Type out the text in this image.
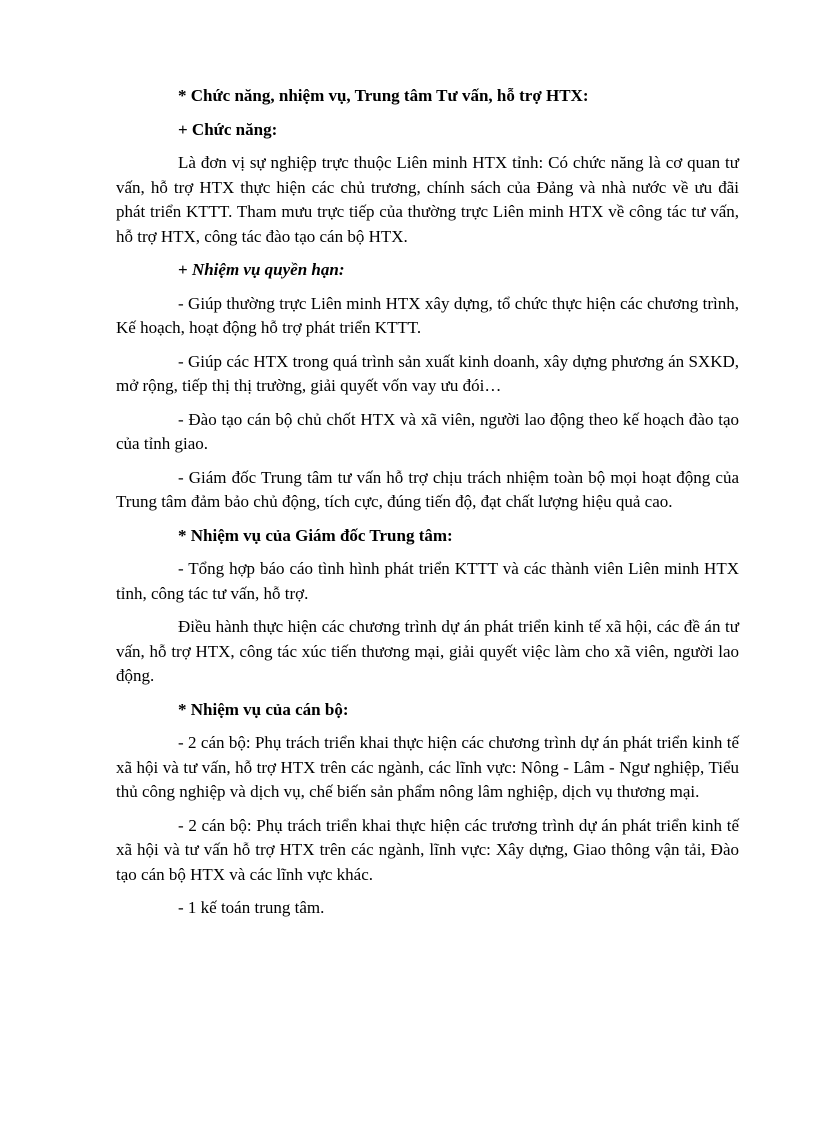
* Chức năng, nhiệm vụ, Trung tâm Tư vấn, hỗ trợ HTX:

+ Chức năng:

Là đơn vị sự nghiệp trực thuộc Liên minh HTX tỉnh: Có chức năng là cơ quan tư vấn, hỗ trợ HTX thực hiện các chủ trương, chính sách của Đảng và nhà nước về ưu đãi phát triển KTTT. Tham mưu trực tiếp của thường trực Liên minh HTX về công tác tư vấn, hỗ trợ HTX, công tác đào tạo cán bộ HTX.

+ Nhiệm vụ quyền hạn:

- Giúp thường trực Liên minh HTX xây dựng, tổ chức thực hiện các chương trình, Kế hoạch, hoạt động hỗ trợ phát triển KTTT.

- Giúp các HTX trong quá trình sản xuất kinh doanh, xây dựng phương án SXKD, mở rộng, tiếp thị thị trường, giải quyết vốn vay ưu đói…

- Đào tạo cán bộ chủ chốt HTX và xã viên, người lao động theo kế hoạch đào tạo của tỉnh giao.

- Giám đốc Trung tâm tư vấn hỗ trợ chịu trách nhiệm toàn bộ mọi hoạt động của Trung tâm đảm bảo chủ động, tích cực, đúng tiến độ, đạt chất lượng hiệu quả cao.

* Nhiệm vụ của Giám đốc Trung tâm:

- Tổng hợp báo cáo tình hình phát triển KTTT và các thành viên Liên minh HTX tỉnh, công tác tư vấn, hỗ trợ.

Điều hành thực hiện các chương trình dự án phát triển kinh tế xã hội, các đề án tư vấn, hỗ trợ HTX, công tác xúc tiến thương mại, giải quyết việc làm cho xã viên, người lao động.

* Nhiệm vụ của cán bộ:

- 2 cán bộ: Phụ trách triển khai thực hiện các chương trình dự án phát triển kinh tế xã hội và tư vấn, hỗ trợ HTX trên các ngành, các lĩnh vực: Nông - Lâm - Ngư nghiệp, Tiểu thủ công nghiệp và dịch vụ, chế biến sản phẩm nông lâm nghiệp, dịch vụ thương mại.

- 2 cán bộ: Phụ trách triển khai thực hiện các trương trình dự án phát triển kinh tế xã hội và tư vấn hỗ trợ HTX trên các ngành, lĩnh vực: Xây dựng, Giao thông vận tải, Đào tạo cán bộ HTX và các lĩnh vực khác.

- 1 kế toán trung tâm.
